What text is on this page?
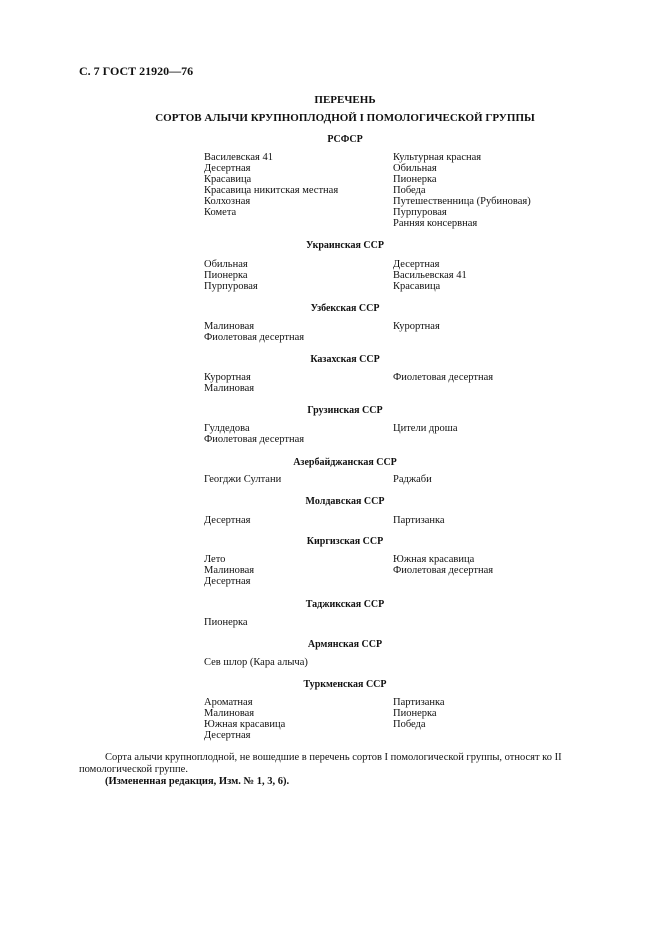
С. 7 ГОСТ 21920—76
ПЕРЕЧЕНЬ
СОРТОВ АЛЫЧИ КРУПНОПЛОДНОЙ I ПОМОЛОГИЧЕСКОЙ ГРУППЫ
РСФСР
Василевская 41
Десертная
Красавица
Красавица никитская местная
Колхозная
Комета
Культурная красная
Обильная
Пионерка
Победа
Путешественница (Рубиновая)
Пурпуровая
Ранняя консервная
Украинская ССР
Обильная
Пионерка
Пурпуровая
Десертная
Васильевская 41
Красавица
Узбекская ССР
Малиновая
Фиолетовая десертная
Курортная
Казахская ССР
Курортная
Малиновая
Фиолетовая десертная
Грузинская ССР
Гулдедова
Фиолетовая десертная
Цители дроша
Азербайджанская ССР
Геогджи Султани	Раджаби
Молдавская ССР
Десертная	Партизанка
Киргизская ССР
Лето
Малиновая
Десертная
Южная красавица
Фиолетовая десертная
Таджикская ССР
Пионерка
Армянская ССР
Сев шлор (Кара алыча)
Туркменская ССР
Ароматная
Малиновая
Южная красавица
Десертная
Партизанка
Пионерка
Победа
Сорта алычи крупноплодной, не вошедшие в перечень сортов I помологической группы, относят ко II помологической группе.
(Измененная редакция, Изм. № 1, 3, 6).
